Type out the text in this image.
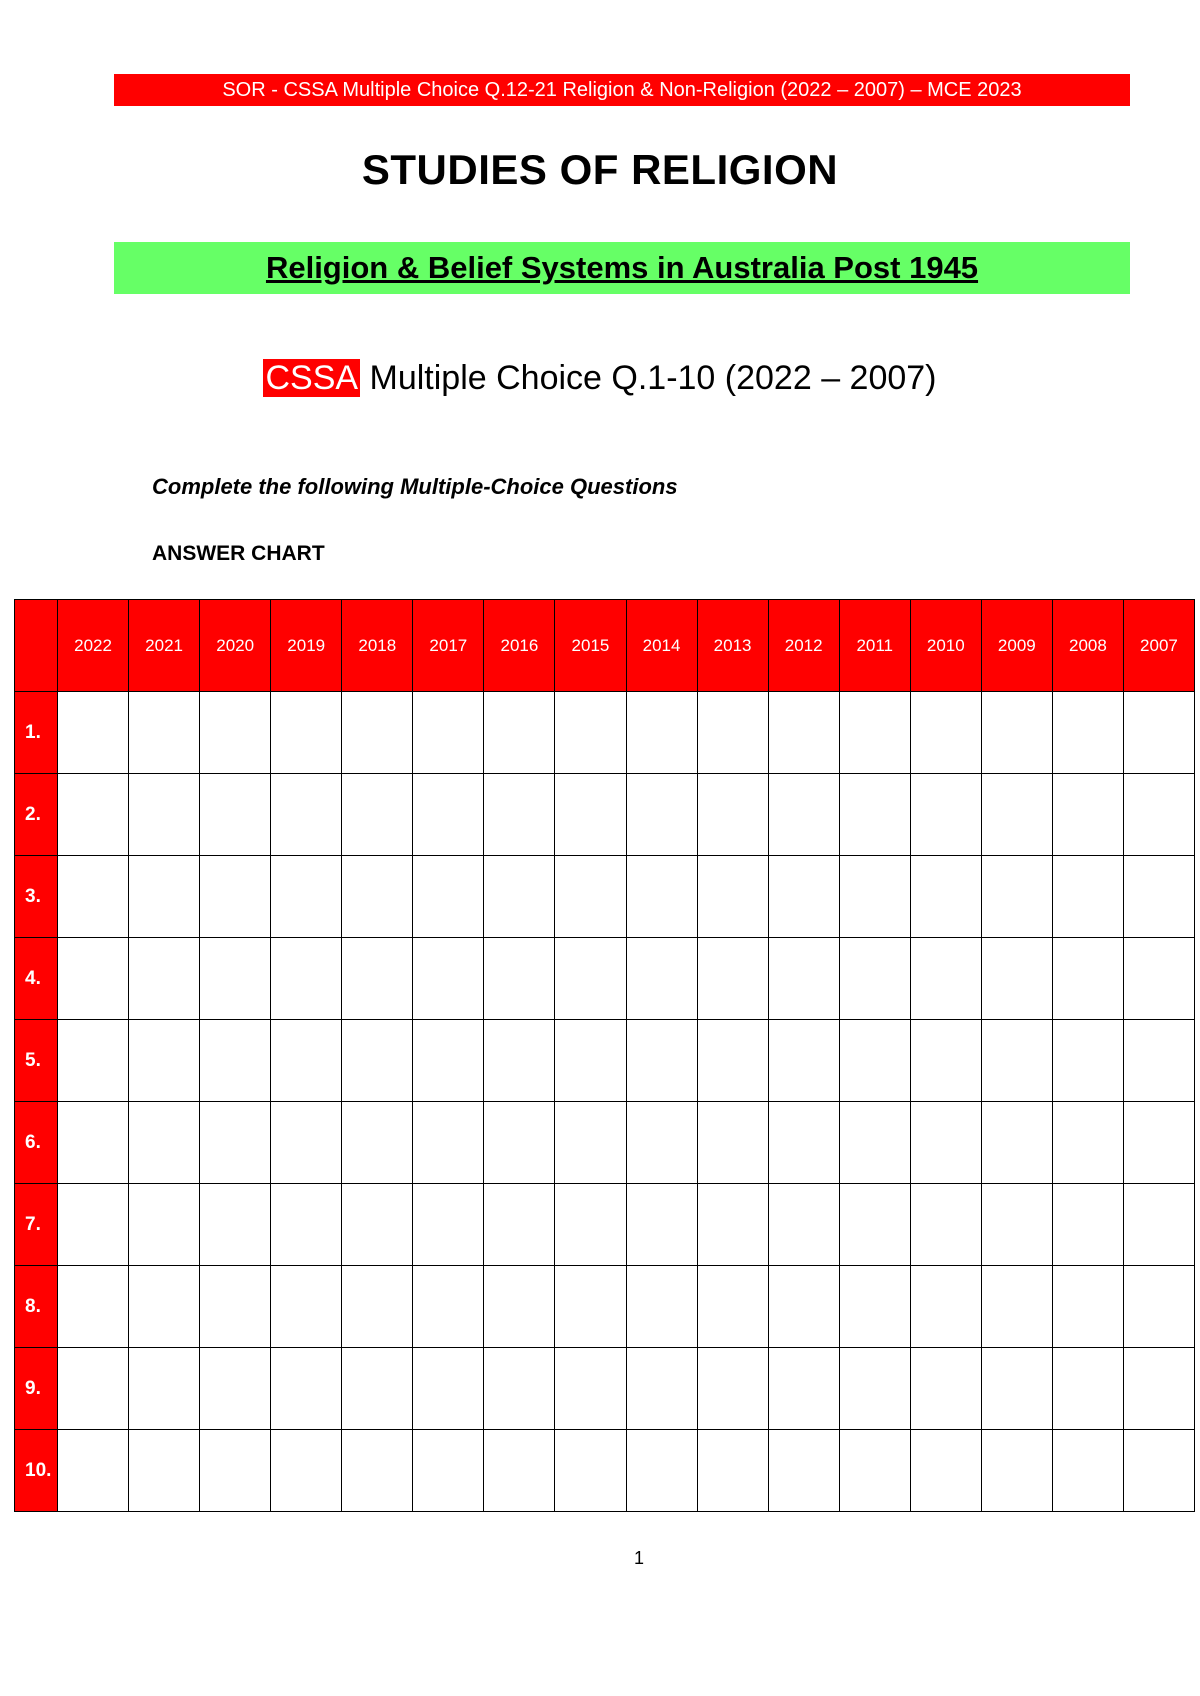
SOR - CSSA Multiple Choice Q.12-21 Religion & Non-Religion (2022 – 2007) – MCE 2023
STUDIES OF RELIGION
Religion & Belief Systems in Australia Post 1945
CSSA Multiple Choice Q.1-10 (2022 – 2007)
Complete the following Multiple-Choice Questions
ANSWER CHART
	2022	2021	2020	2019	2018	2017	2016	2015	2014	2013	2012	2011	2010	2009	2008	2007
1.																
2.																
3.																
4.																
5.																
6.																
7.																
8.																
9.																
10.																
1
